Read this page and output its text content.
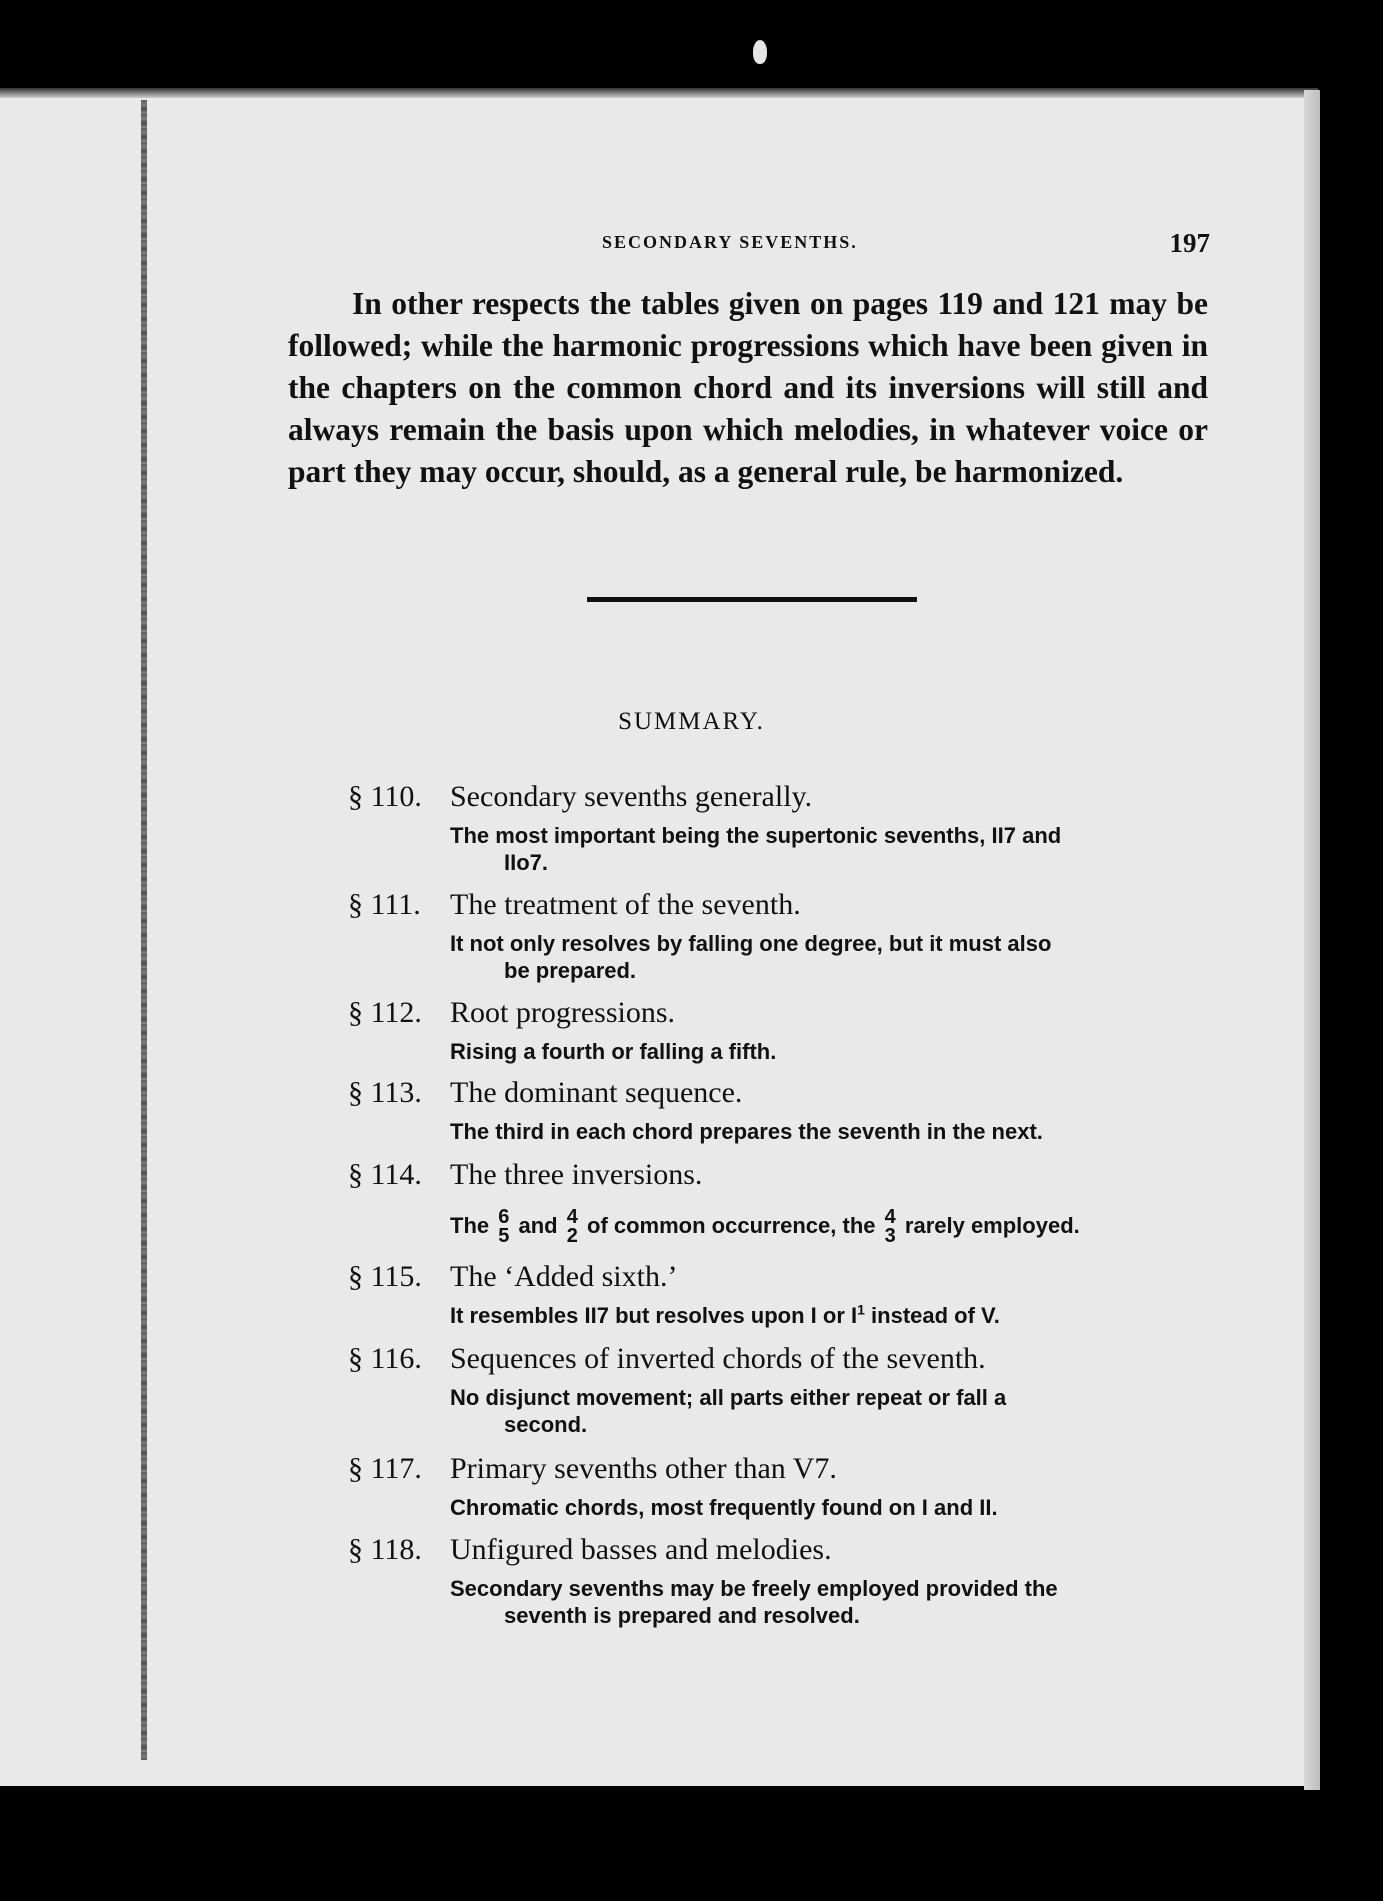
SECONDARY SEVENTHS.	197
In other respects the tables given on pages 119 and 121 may be followed; while the harmonic progressions which have been given in the chapters on the common chord and its inversions will still and always remain the basis upon which melodies, in whatever voice or part they may occur, should, as a general rule, be harmonized.
SUMMARY.
§ 110. Secondary sevenths generally.
The most important being the supertonic sevenths, II7 and
IIo7.
§ 111. The treatment of the seventh.
It not only resolves by falling one degree, but it must also
be prepared.
§ 112. Root progressions.
Rising a fourth or falling a fifth.
§ 113. The dominant sequence.
The third in each chord prepares the seventh in the next.
§ 114. The three inversions.
The 6
5 and 4
2 of common occurrence, the 4
3 rarely employed.
§ 115. The ‘Added sixth.’
It resembles II7 but resolves upon I or $I^1$ instead of V.
§ 116. Sequences of inverted chords of the seventh.
No disjunct movement; all parts either repeat or fall a
second.
§ 117. Primary sevenths other than V7.
Chromatic chords, most frequently found on I and II.
§ 118. Unfigured basses and melodies.
Secondary sevenths may be freely employed provided the
seventh is prepared and resolved.
